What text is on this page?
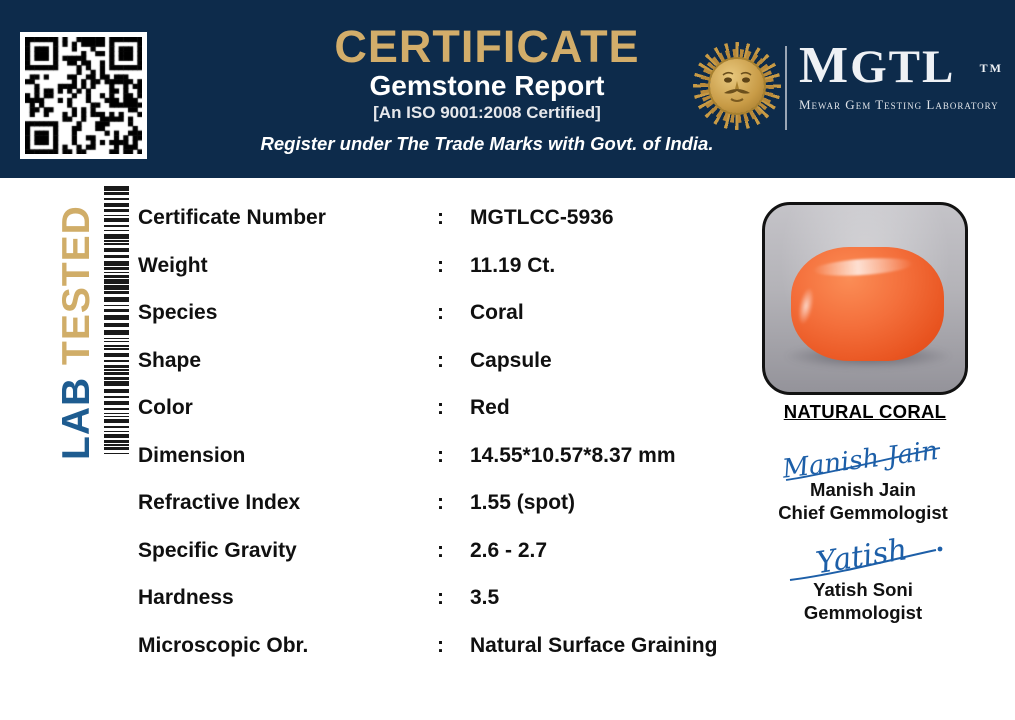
CERTIFICATE
Gemstone Report
[An ISO 9001:2008 Certified]
Register under The Trade Marks with Govt. of India.
MGTL TM
Mewar Gem Testing Laboratory
LAB TESTED Certificate Number	:	MGTLCC-5936
Weight	:	11.19 Ct.
Species	:	Coral
Shape	:	Capsule
Color	:	Red
Dimension	:	14.55*10.57*8.37 mm
Refractive Index	:	1.55 (spot)
Specific Gravity	:	2.6 - 2.7
Hardness	:	3.5
Microscopic Obr.	:	Natural Surface Graining
NATURAL CORAL
Manish Jain
Manish Jain
Chief Gemmologist
Yatish
Yatish Soni
Gemmologist
